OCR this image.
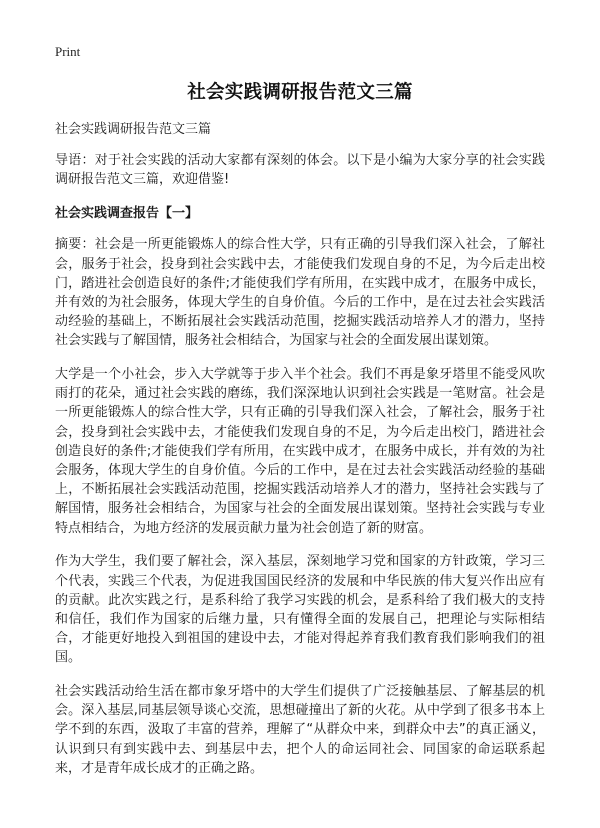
Print
社会实践调研报告范文三篇

社会实践调研报告范文三篇

导语：对于社会实践的活动大家都有深刻的体会。以下是小编为大家分享的社会实践调研报告范文三篇，欢迎借鉴!

社会实践调查报告【一】

摘要：社会是一所更能锻炼人的综合性大学，只有正确的引导我们深入社会，了解社会，服务于社会，投身到社会实践中去，才能使我们发现自身的不足，为今后走出校门，踏进社会创造良好的条件;才能使我们学有所用，在实践中成才，在服务中成长，并有效的为社会服务，体现大学生的自身价值。今后的工作中，是在过去社会实践活动经验的基础上，不断拓展社会实践活动范围，挖掘实践活动培养人才的潜力，坚持社会实践与了解国情，服务社会相结合，为国家与社会的全面发展出谋划策。

大学是一个小社会，步入大学就等于步入半个社会。我们不再是象牙塔里不能受风吹雨打的花朵，通过社会实践的磨练，我们深深地认识到社会实践是一笔财富。社会是一所更能锻炼人的综合性大学，只有正确的引导我们深入社会，了解社会，服务于社会，投身到社会实践中去，才能使我们发现自身的不足，为今后走出校门，踏进社会创造良好的条件;才能使我们学有所用，在实践中成才，在服务中成长，并有效的为社会服务，体现大学生的自身价值。今后的工作中，是在过去社会实践活动经验的基础上，不断拓展社会实践活动范围，挖掘实践活动培养人才的潜力，坚持社会实践与了解国情，服务社会相结合，为国家与社会的全面发展出谋划策。坚持社会实践与专业特点相结合，为地方经济的发展贡献力量为社会创造了新的财富。

作为大学生，我们要了解社会，深入基层，深刻地学习党和国家的方针政策，学习三个代表，实践三个代表，为促进我国国民经济的发展和中华民族的伟大复兴作出应有的贡献。此次实践之行，是系科给了我学习实践的机会，是系科给了我们极大的支持和信任，我们作为国家的后继力量，只有懂得全面的发展自己，把理论与实际相结合，才能更好地投入到祖国的建设中去，才能对得起养育我们教育我们影响我们的祖国。

社会实践活动给生活在都市象牙塔中的大学生们提供了广泛接触基层、了解基层的机会。深入基层,同基层领导谈心交流，思想碰撞出了新的火花。从中学到了很多书本上学不到的东西，汲取了丰富的营养，理解了“从群众中来，到群众中去”的真正涵义，认识到只有到实践中去、到基层中去，把个人的命运同社会、同国家的命运联系起来，才是青年成长成才的正确之路。
